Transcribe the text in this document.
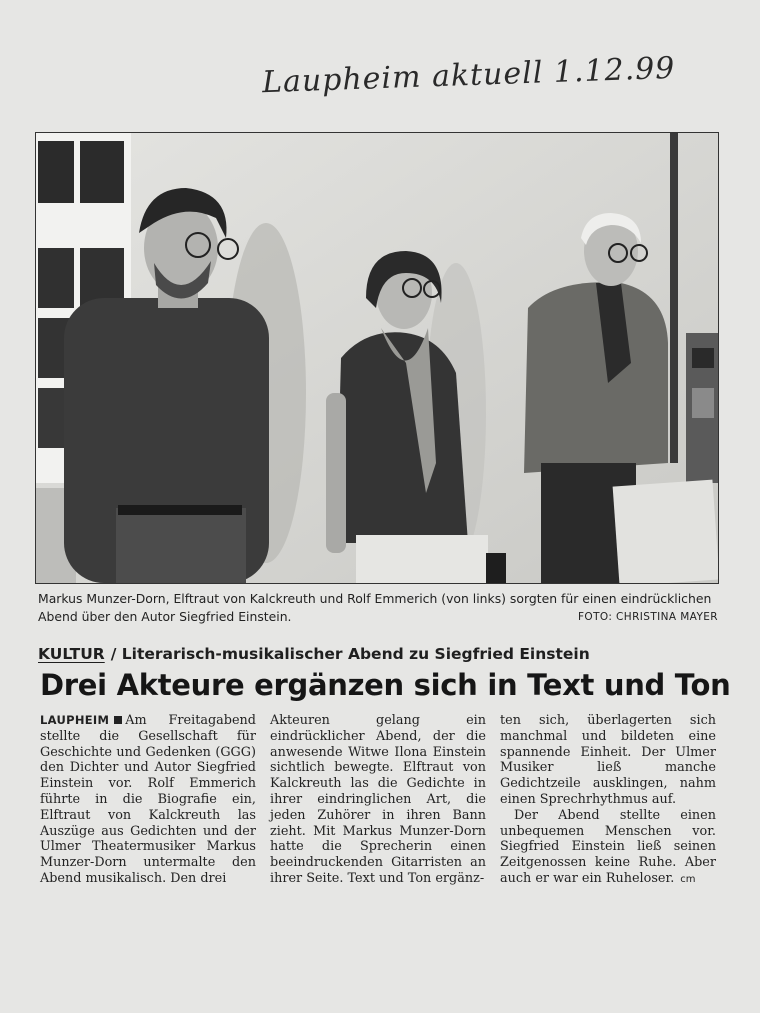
Laupheim aktuell 1.12.99
Markus Munzer-Dorn, Elftraut von Kalckreuth und Rolf Emmerich (von links) sorgten für einen eindrücklichen Abend über den Autor Siegfried Einstein.	FOTO: CHRISTINA MAYER
KULTUR / Literarisch-musikalischer Abend zu Siegfried Einstein
Drei Akteure ergänzen sich in Text und Ton

LAUPHEIM Am Freitagabend stellte die Gesellschaft für Geschichte und Gedenken (GGG) den Dichter und Autor Siegfried Einstein vor. Rolf Emmerich führte in die Biografie ein, Elftraut von Kalckreuth las Auszüge aus Gedichten und der Ulmer Theatermusiker Markus Munzer-Dorn untermalte den Abend musikalisch. Den drei

Akteuren gelang ein eindrücklicher Abend, der die anwesende Witwe Ilona Einstein sichtlich bewegte. Elftraut von Kalckreuth las die Gedichte in ihrer eindringlichen Art, die jeden Zuhörer in ihren Bann zieht. Mit Markus Munzer-Dorn hatte die Sprecherin einen beeindruckenden Gitarristen an ihrer Seite. Text und Ton ergänz-

ten sich, überlagerten sich manchmal und bildeten eine spannende Einheit. Der Ulmer Musiker ließ manche Gedichtzeile ausklingen, nahm einen Sprechrhythmus auf.

Der Abend stellte einen unbequemen Menschen vor. Siegfried Einstein ließ seinen Zeitgenossen keine Ruhe. Aber auch er war ein Ruheloser. cm
